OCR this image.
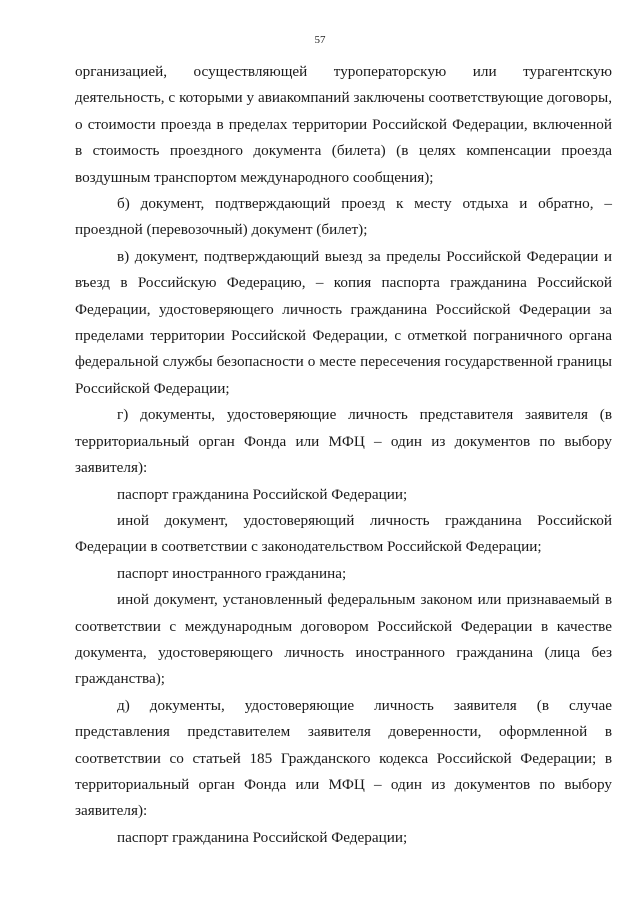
57

организацией, осуществляющей туроператорскую или турагентскую деятельность, с которыми у авиакомпаний заключены соответствующие договоры, о стоимости проезда в пределах территории Российской Федерации, включенной в стоимость проездного документа (билета) (в целях компенсации проезда воздушным транспортом международного сообщения);

б) документ, подтверждающий проезд к месту отдыха и обратно, – проездной (перевозочный) документ (билет);

в) документ, подтверждающий выезд за пределы Российской Федерации и въезд в Российскую Федерацию, – копия паспорта гражданина Российской Федерации, удостоверяющего личность гражданина Российской Федерации за пределами территории Российской Федерации, с отметкой пограничного органа федеральной службы безопасности о месте пересечения государственной границы Российской Федерации;

г) документы, удостоверяющие личность представителя заявителя (в территориальный орган Фонда или МФЦ – один из документов по выбору заявителя):

паспорт гражданина Российской Федерации;

иной документ, удостоверяющий личность гражданина Российской Федерации в соответствии с законодательством Российской Федерации;

паспорт иностранного гражданина;

иной документ, установленный федеральным законом или признаваемый в соответствии с международным договором Российской Федерации в качестве документа, удостоверяющего личность иностранного гражданина (лица без гражданства);

д) документы, удостоверяющие личность заявителя (в случае представления представителем заявителя доверенности, оформленной в соответствии со статьей 185 Гражданского кодекса Российской Федерации; в территориальный орган Фонда или МФЦ – один из документов по выбору заявителя):

паспорт гражданина Российской Федерации;
